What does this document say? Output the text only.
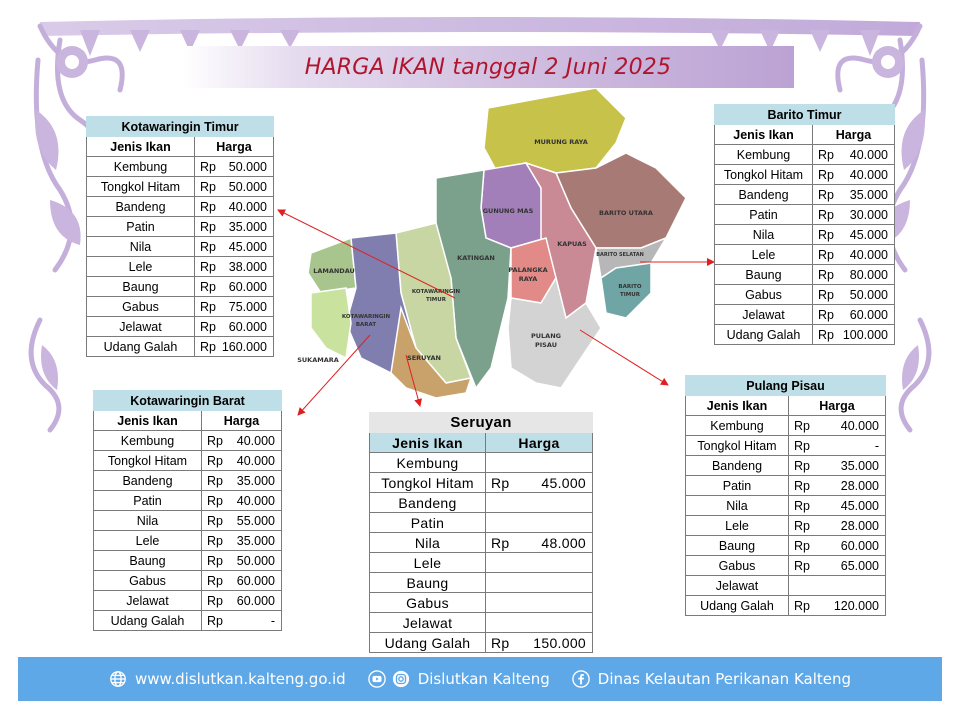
HARGA IKAN tanggal 2 Juni 2025
MURUNG RAYA
GUNUNG MAS	BARITO UTARA
KAPUAS
BARITO SELATAN
BARITO
TIMUR
KATINGAN
PALANGKA
RAYA
LAMANDAU
KOTAWARINGIN
TIMUR
KOTAWARINGIN
BARAT
PULANG
PISAU
SERUYAN
SUKAMARA
Kotawaringin Timur	
Jenis Ikan	Harga
Kembung	Rp 50.000

Tongkol Hitam	Rp 50.000

Bandeng	Rp 40.000

Patin	Rp 35.000

Nila	Rp 45.000

Lele	Rp 38.000

Baung	Rp 60.000

Gabus	Rp 75.000

Jelawat	Rp 60.000

Udang Galah	Rp 160.000
Barito Timur	
Jenis Ikan	Harga
Kembung	Rp 40.000

Tongkol Hitam	Rp 40.000

Bandeng	Rp 35.000

Patin	Rp 30.000

Nila	Rp 45.000

Lele	Rp 40.000

Baung	Rp 80.000

Gabus	Rp 50.000

Jelawat	Rp 60.000

Udang Galah	Rp 100.000
Kotawaringin Barat	
Jenis Ikan	Harga
Kembung	Rp 40.000

Tongkol Hitam	Rp 40.000

Bandeng	Rp 35.000

Patin	Rp 40.000

Nila	Rp 55.000

Lele	Rp 35.000

Baung	Rp 50.000

Gabus	Rp 60.000

Jelawat	Rp 60.000

Udang Galah	Rp -
Seruyan	
Jenis Ikan	Harga
Kembung	

Tongkol Hitam	Rp 45.000

Bandeng	

Patin	

Nila	Rp 48.000

Lele	

Baung	

Gabus	

Jelawat	

Udang Galah	Rp 150.000
Pulang Pisau	
Jenis Ikan	Harga
Kembung	Rp 40.000

Tongkol Hitam	Rp -

Bandeng	Rp 35.000

Patin	Rp 28.000

Nila	Rp 45.000

Lele	Rp 28.000

Baung	Rp 60.000

Gabus	Rp 65.000

Jelawat	

Udang Galah	Rp 120.000
www.dislutkan.kalteng.go.id	Dislutkan Kalteng	Dinas Kelautan Perikanan Kalteng
